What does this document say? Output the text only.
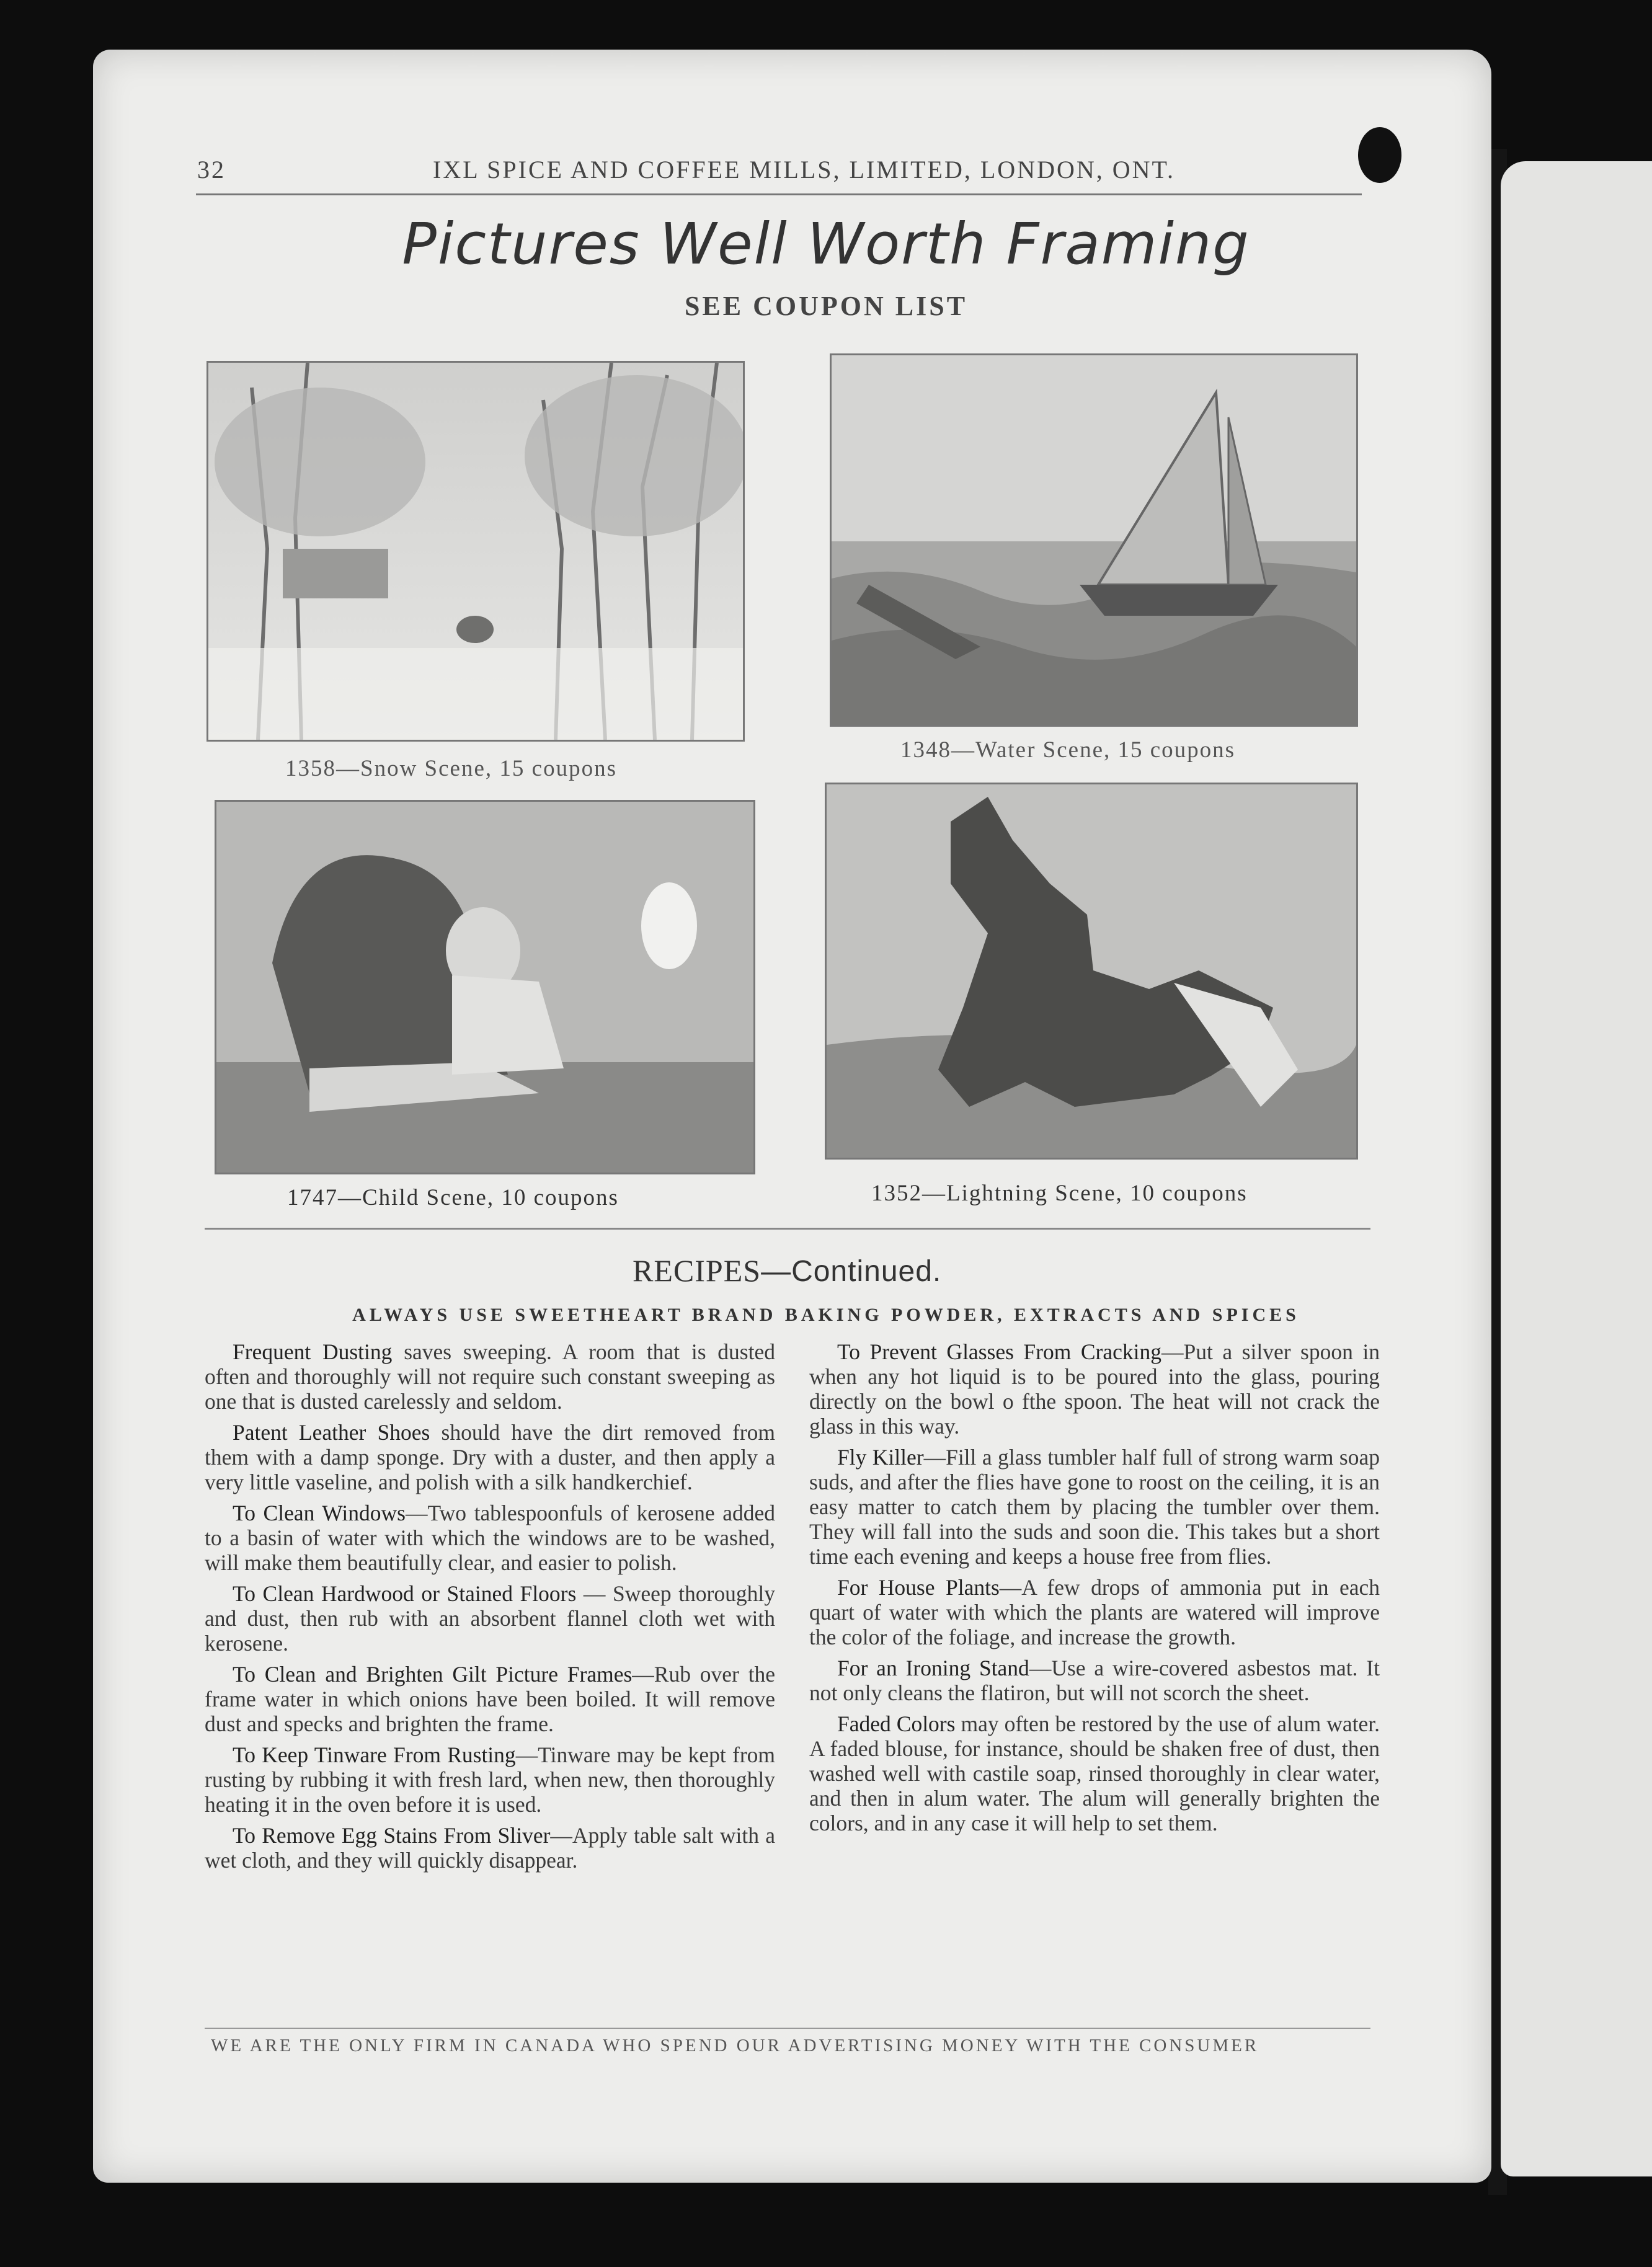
32	IXL SPICE AND COFFEE MILLS, LIMITED, LONDON, ONT.
Pictures Well Worth Framing
SEE COUPON LIST
1358—Snow Scene, 15 coupons
1348—Water Scene, 15 coupons
1747—Child Scene, 10 coupons	1352—Lightning Scene, 10 coupons
RECIPES—Continued.
ALWAYS USE SWEETHEART BRAND BAKING POWDER, EXTRACTS AND SPICES

Frequent Dusting saves sweeping. A room that is dusted often and thoroughly will not require such constant sweeping as one that is dusted carelessly and seldom.

Patent Leather Shoes should have the dirt removed from them with a damp sponge. Dry with a duster, and then apply a very little vaseline, and polish with a silk handkerchief.

To Clean Windows—Two tablespoonfuls of kerosene added to a basin of water with which the windows are to be washed, will make them beautifully clear, and easier to polish.

To Clean Hardwood or Stained Floors — Sweep thoroughly and dust, then rub with an absorbent flannel cloth wet with kerosene.

To Clean and Brighten Gilt Picture Frames—Rub over the frame water in which onions have been boiled. It will remove dust and specks and brighten the frame.

To Keep Tinware From Rusting—Tinware may be kept from rusting by rubbing it with fresh lard, when new, then thoroughly heating it in the oven before it is used.

To Remove Egg Stains From Sliver—Apply table salt with a wet cloth, and they will quickly disappear.

To Prevent Glasses From Cracking—Put a silver spoon in when any hot liquid is to be poured into the glass, pouring directly on the bowl o fthe spoon. The heat will not crack the glass in this way.

Fly Killer—Fill a glass tumbler half full of strong warm soap suds, and after the flies have gone to roost on the ceiling, it is an easy matter to catch them by placing the tumbler over them. They will fall into the suds and soon die. This takes but a short time each evening and keeps a house free from flies.

For House Plants—A few drops of ammonia put in each quart of water with which the plants are watered will improve the color of the foliage, and increase the growth.

For an Ironing Stand—Use a wire-covered asbestos mat. It not only cleans the flatiron, but will not scorch the sheet.

Faded Colors may often be restored by the use of alum water. A faded blouse, for instance, should be shaken free of dust, then washed well with castile soap, rinsed thoroughly in clear water, and then in alum water. The alum will generally brighten the colors, and in any case it will help to set them.

WE ARE THE ONLY FIRM IN CANADA WHO SPEND OUR ADVERTISING MONEY WITH THE CONSUMER
